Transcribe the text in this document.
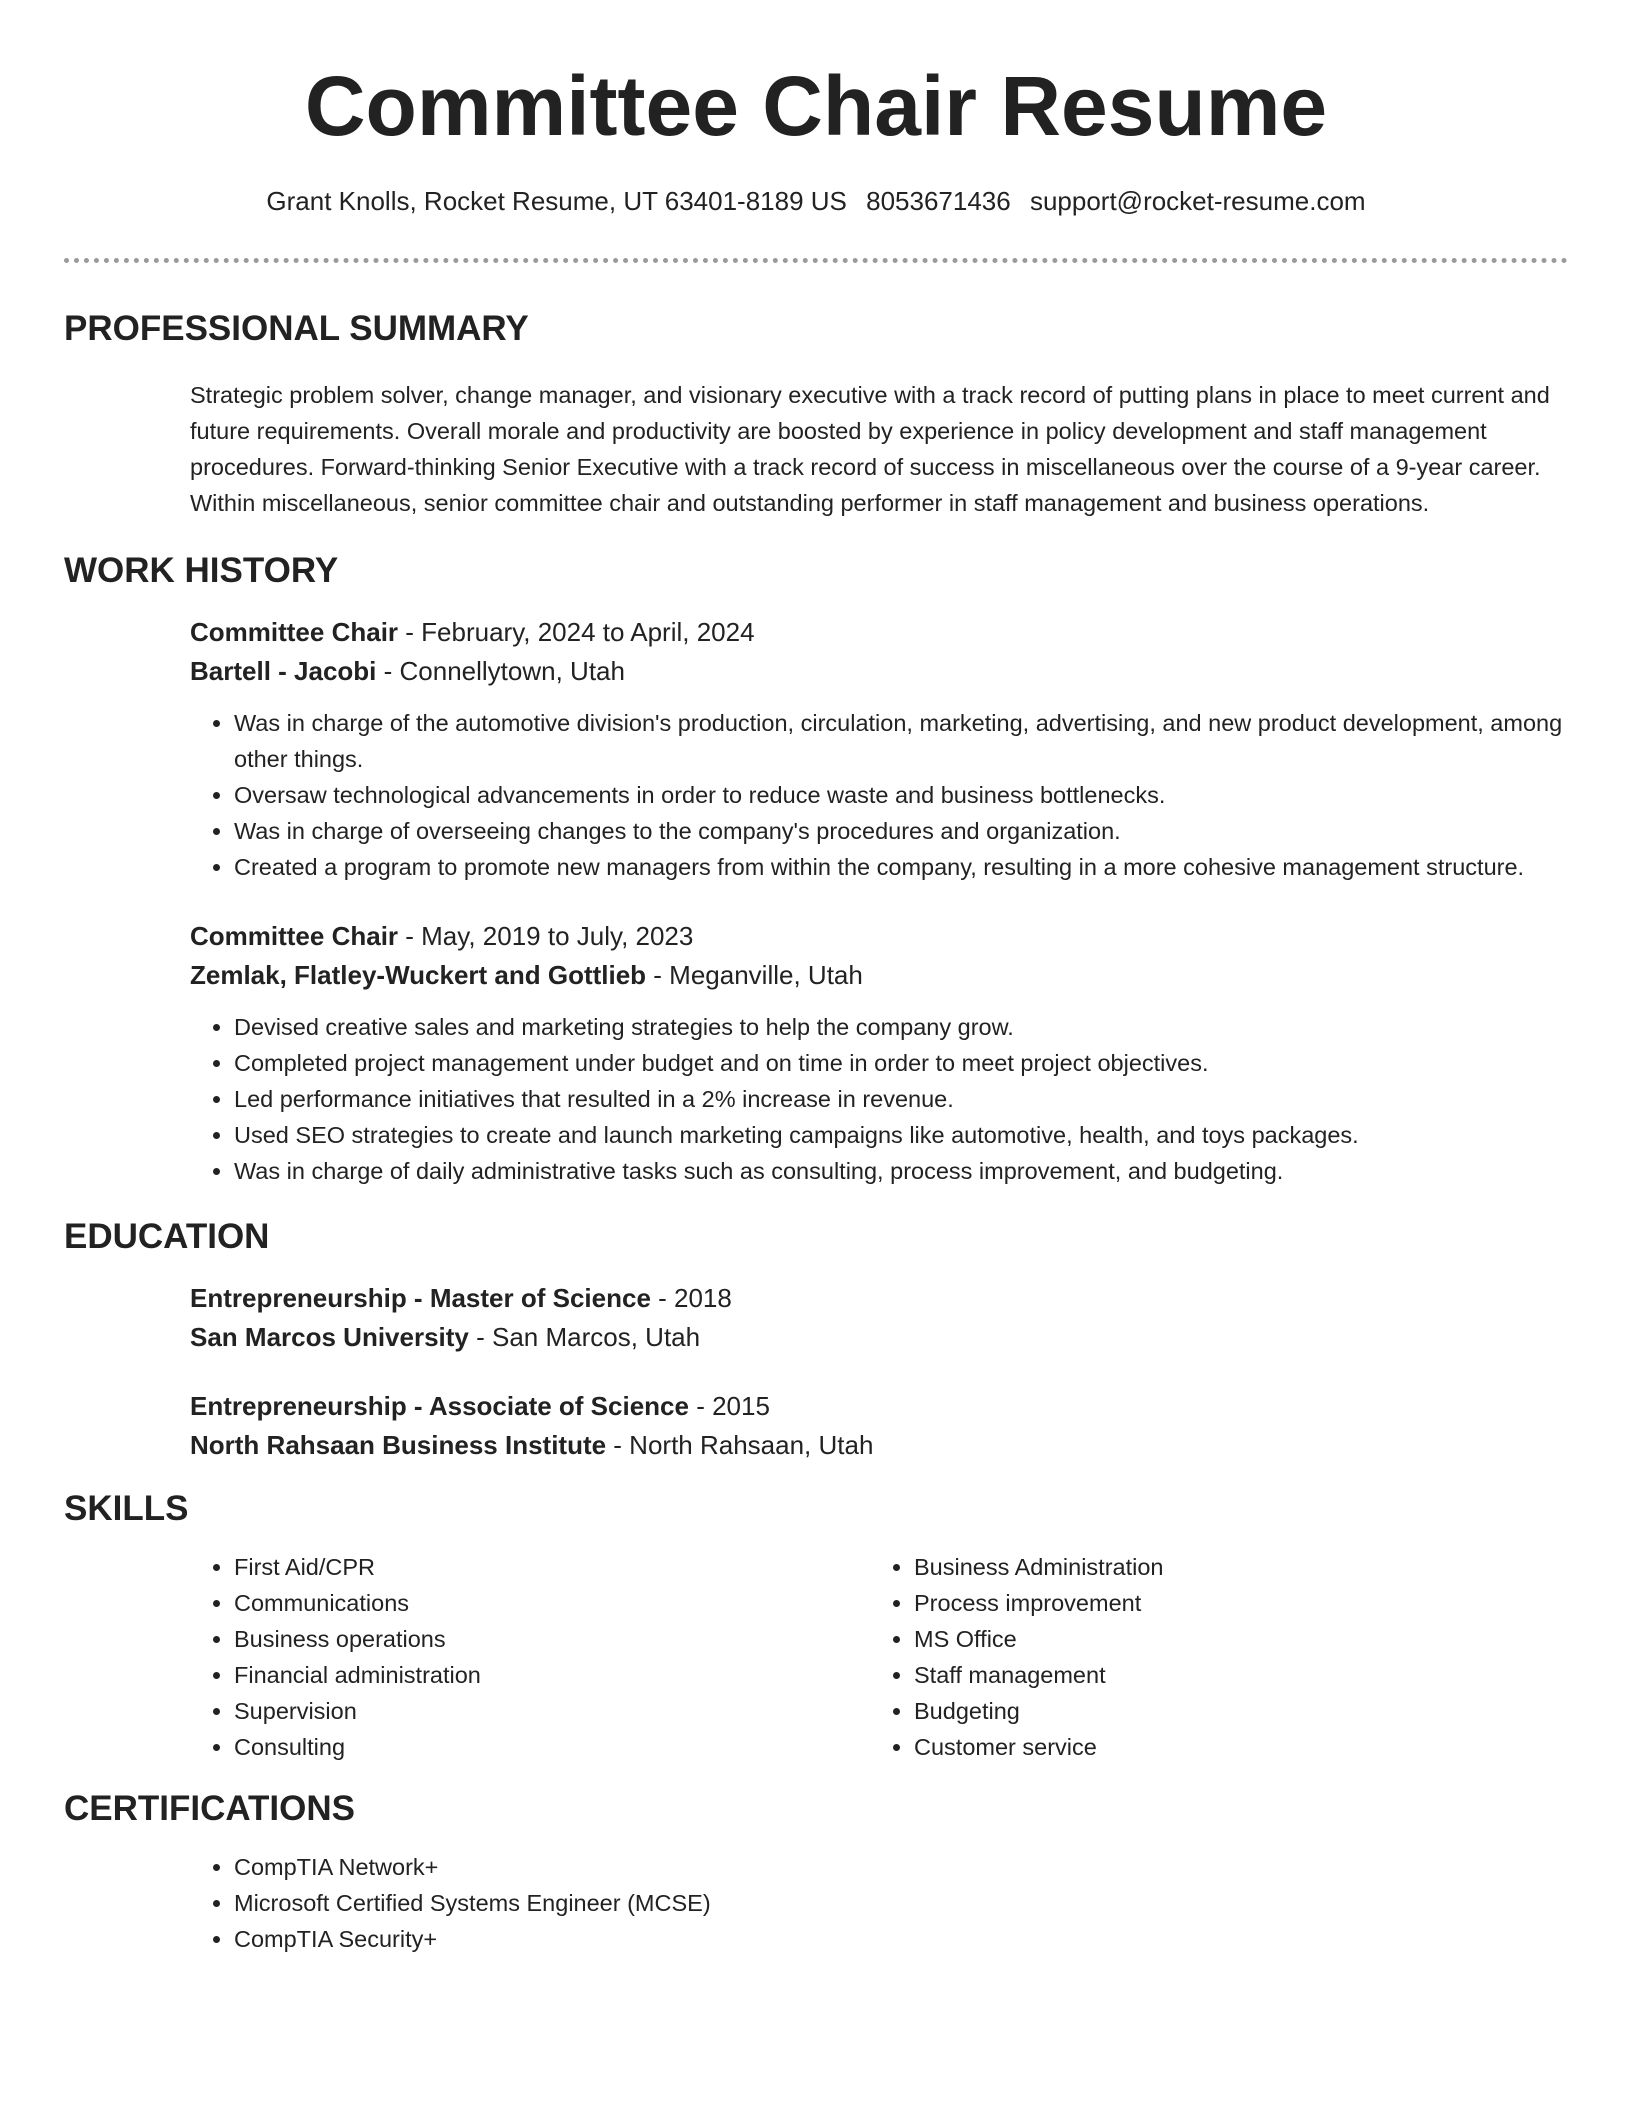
Committee Chair Resume
Grant Knolls, Rocket Resume, UT 63401-8189 US 8053671436 support@rocket-resume.com
PROFESSIONAL SUMMARY

Strategic problem solver, change manager, and visionary executive with a track record of putting plans in place to meet current and future requirements. Overall morale and productivity are boosted by experience in policy development and staff management procedures. Forward-thinking Senior Executive with a track record of success in miscellaneous over the course of a 9-year career. Within miscellaneous, senior committee chair and outstanding performer in staff management and business operations.

WORK HISTORY

Committee Chair - February, 2024 to April, 2024

Bartell - Jacobi - Connellytown, Utah

• Was in charge of the automotive division's production, circulation, marketing, advertising, and new product development, among other things.
• Oversaw technological advancements in order to reduce waste and business bottlenecks.
• Was in charge of overseeing changes to the company's procedures and organization.
• Created a program to promote new managers from within the company, resulting in a more cohesive management structure.

Committee Chair - May, 2019 to July, 2023

Zemlak, Flatley-Wuckert and Gottlieb - Meganville, Utah

• Devised creative sales and marketing strategies to help the company grow.
• Completed project management under budget and on time in order to meet project objectives.
• Led performance initiatives that resulted in a 2% increase in revenue.
• Used SEO strategies to create and launch marketing campaigns like automotive, health, and toys packages.
• Was in charge of daily administrative tasks such as consulting, process improvement, and budgeting.
EDUCATION

Entrepreneurship - Master of Science - 2018

San Marcos University - San Marcos, Utah

Entrepreneurship - Associate of Science - 2015

North Rahsaan Business Institute - North Rahsaan, Utah

SKILLS
• First Aid/CPR
• Communications
• Business operations
• Financial administration
• Supervision
• Consulting
• Business Administration
• Process improvement
• MS Office
• Staff management
• Budgeting
• Customer service
CERTIFICATIONS
• CompTIA Network+
• Microsoft Certified Systems Engineer (MCSE)
• CompTIA Security+
